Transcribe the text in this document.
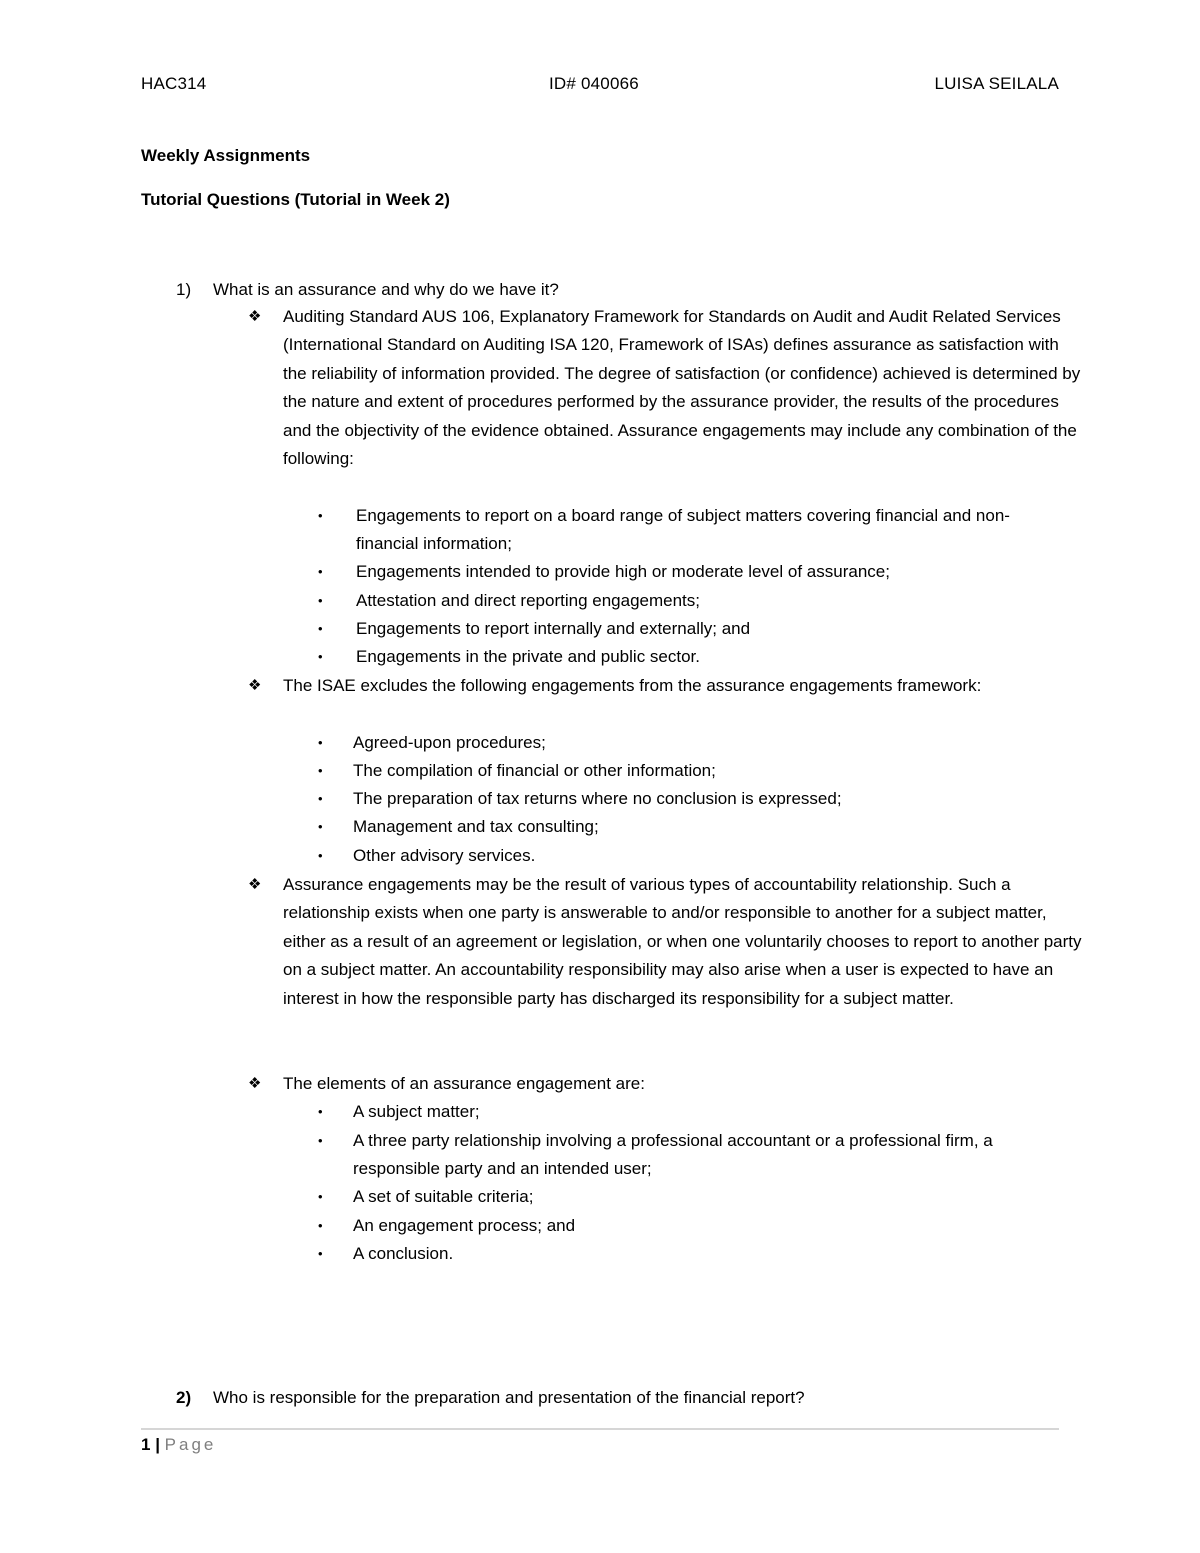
HAC314	ID# 040066	LUISA SEILALA
Weekly Assignments
Tutorial Questions (Tutorial in Week 2)
1) What is an assurance and why do we have it?
❖ Auditing Standard AUS 106, Explanatory Framework for Standards on Audit and Audit Related Services (International Standard on Auditing ISA 120, Framework of ISAs) defines assurance as satisfaction with the reliability of information provided. The degree of satisfaction (or confidence) achieved is determined by the nature and extent of procedures performed by the assurance provider, the results of the procedures and the objectivity of the evidence obtained. Assurance engagements may include any combination of the following:

• Engagements to report on a board range of subject matters covering financial and non-financial information;

• Engagements intended to provide high or moderate level of assurance;

• Attestation and direct reporting engagements;

• Engagements to report internally and externally; and

• Engagements in the private and public sector.

❖ The ISAE excludes the following engagements from the assurance engagements framework:

• Agreed-upon procedures;

• The compilation of financial or other information;

• The preparation of tax returns where no conclusion is expressed;

• Management and tax consulting;

• Other advisory services.

❖ Assurance engagements may be the result of various types of accountability relationship. Such a relationship exists when one party is answerable to and/or responsible to another for a subject matter, either as a result of an agreement or legislation, or when one voluntarily chooses to report to another party on a subject matter. An accountability responsibility may also arise when a user is expected to have an interest in how the responsible party has discharged its responsibility for a subject matter.

❖ The elements of an assurance engagement are:

• A subject matter;

• A three party relationship involving a professional accountant or a professional firm, a responsible party and an intended user;

• A set of suitable criteria;

• An engagement process; and

• A conclusion.

2) Who is responsible for the preparation and presentation of the financial report?
1 | Page
